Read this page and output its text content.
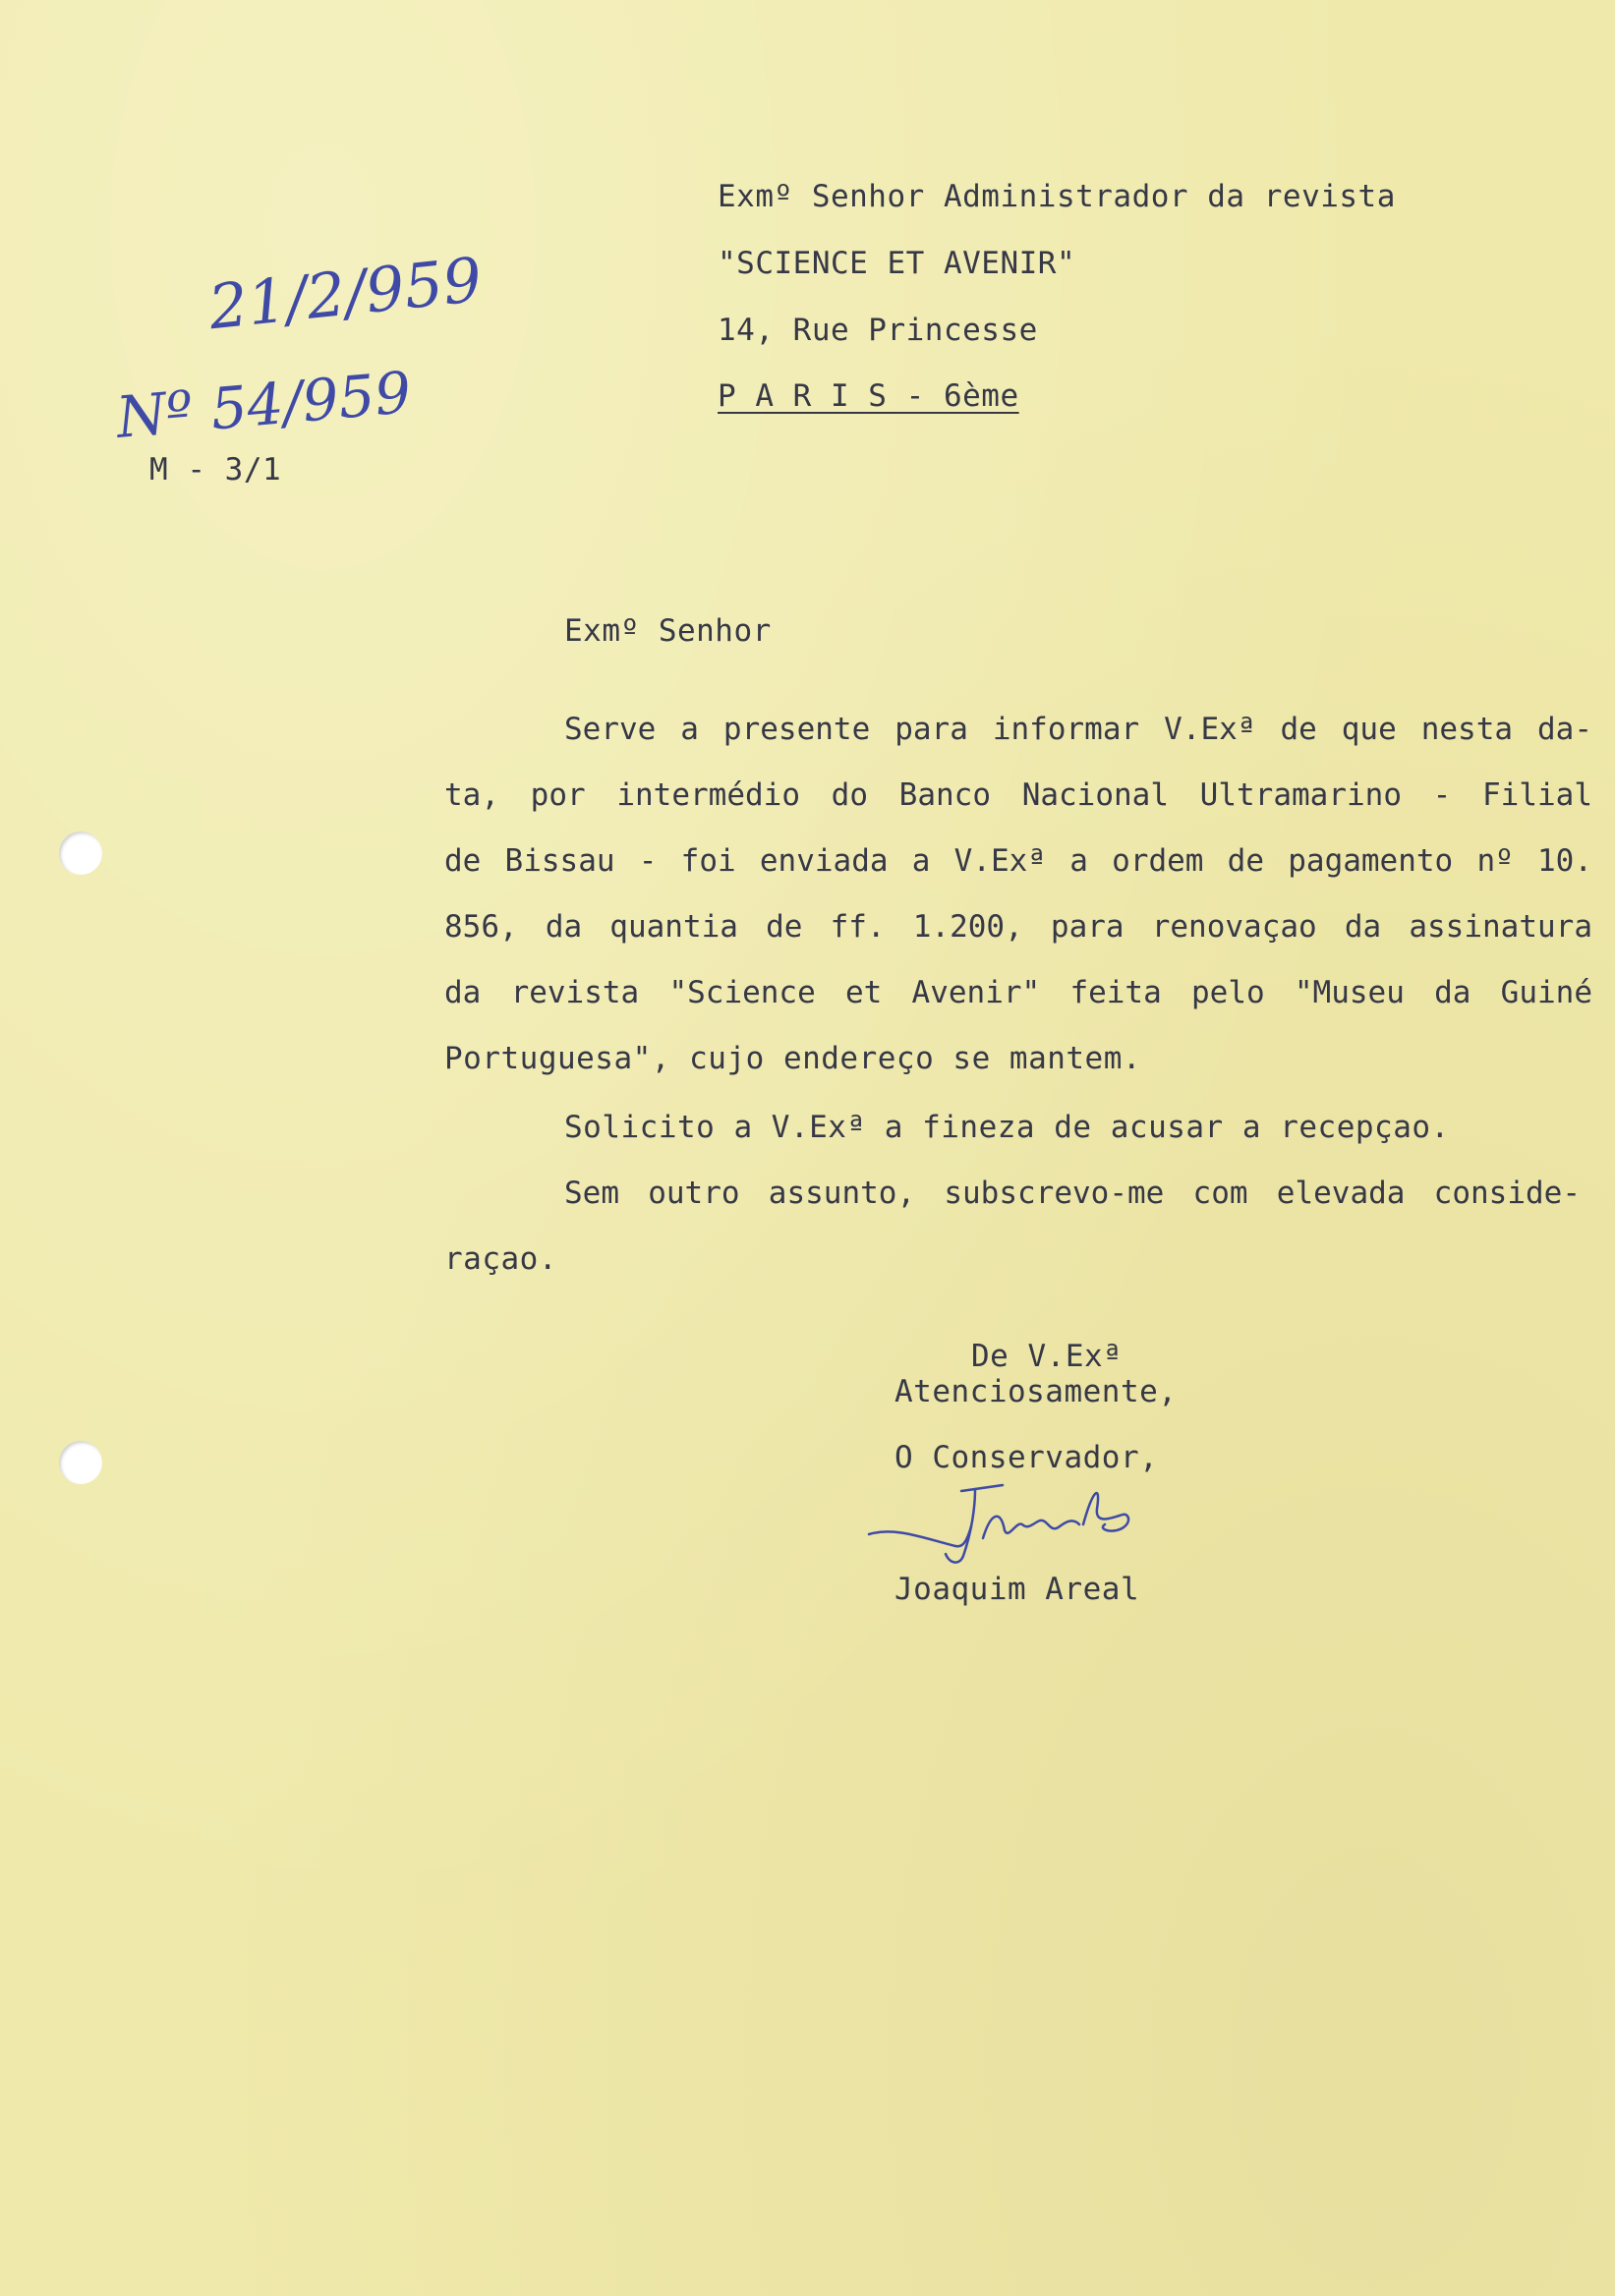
21/2/959
Nº 54/959
M - 3/1
Exmº Senhor Administrador da revista
"SCIENCE ET AVENIR"
14, Rue Princesse
P A R I S - 6ème
Exmº Senhor
Serve a presente para informar V.Exª de que nesta da-
ta, por intermédio do Banco Nacional Ultramarino - Filial
de Bissau - foi enviada a V.Exª a ordem de pagamento nº 10.
856, da quantia de ff. 1.200, para renovaçao da assinatura
da revista "Science et Avenir" feita pelo "Museu da Guiné
Portuguesa", cujo endereço se mantem.
Solicito a V.Exª a fineza de acusar a recepçao.
Sem outro assunto, subscrevo-me com elevada conside-
raçao.
De V.Exª
Atenciosamente,
O Conservador,
JAreal
Joaquim Areal
